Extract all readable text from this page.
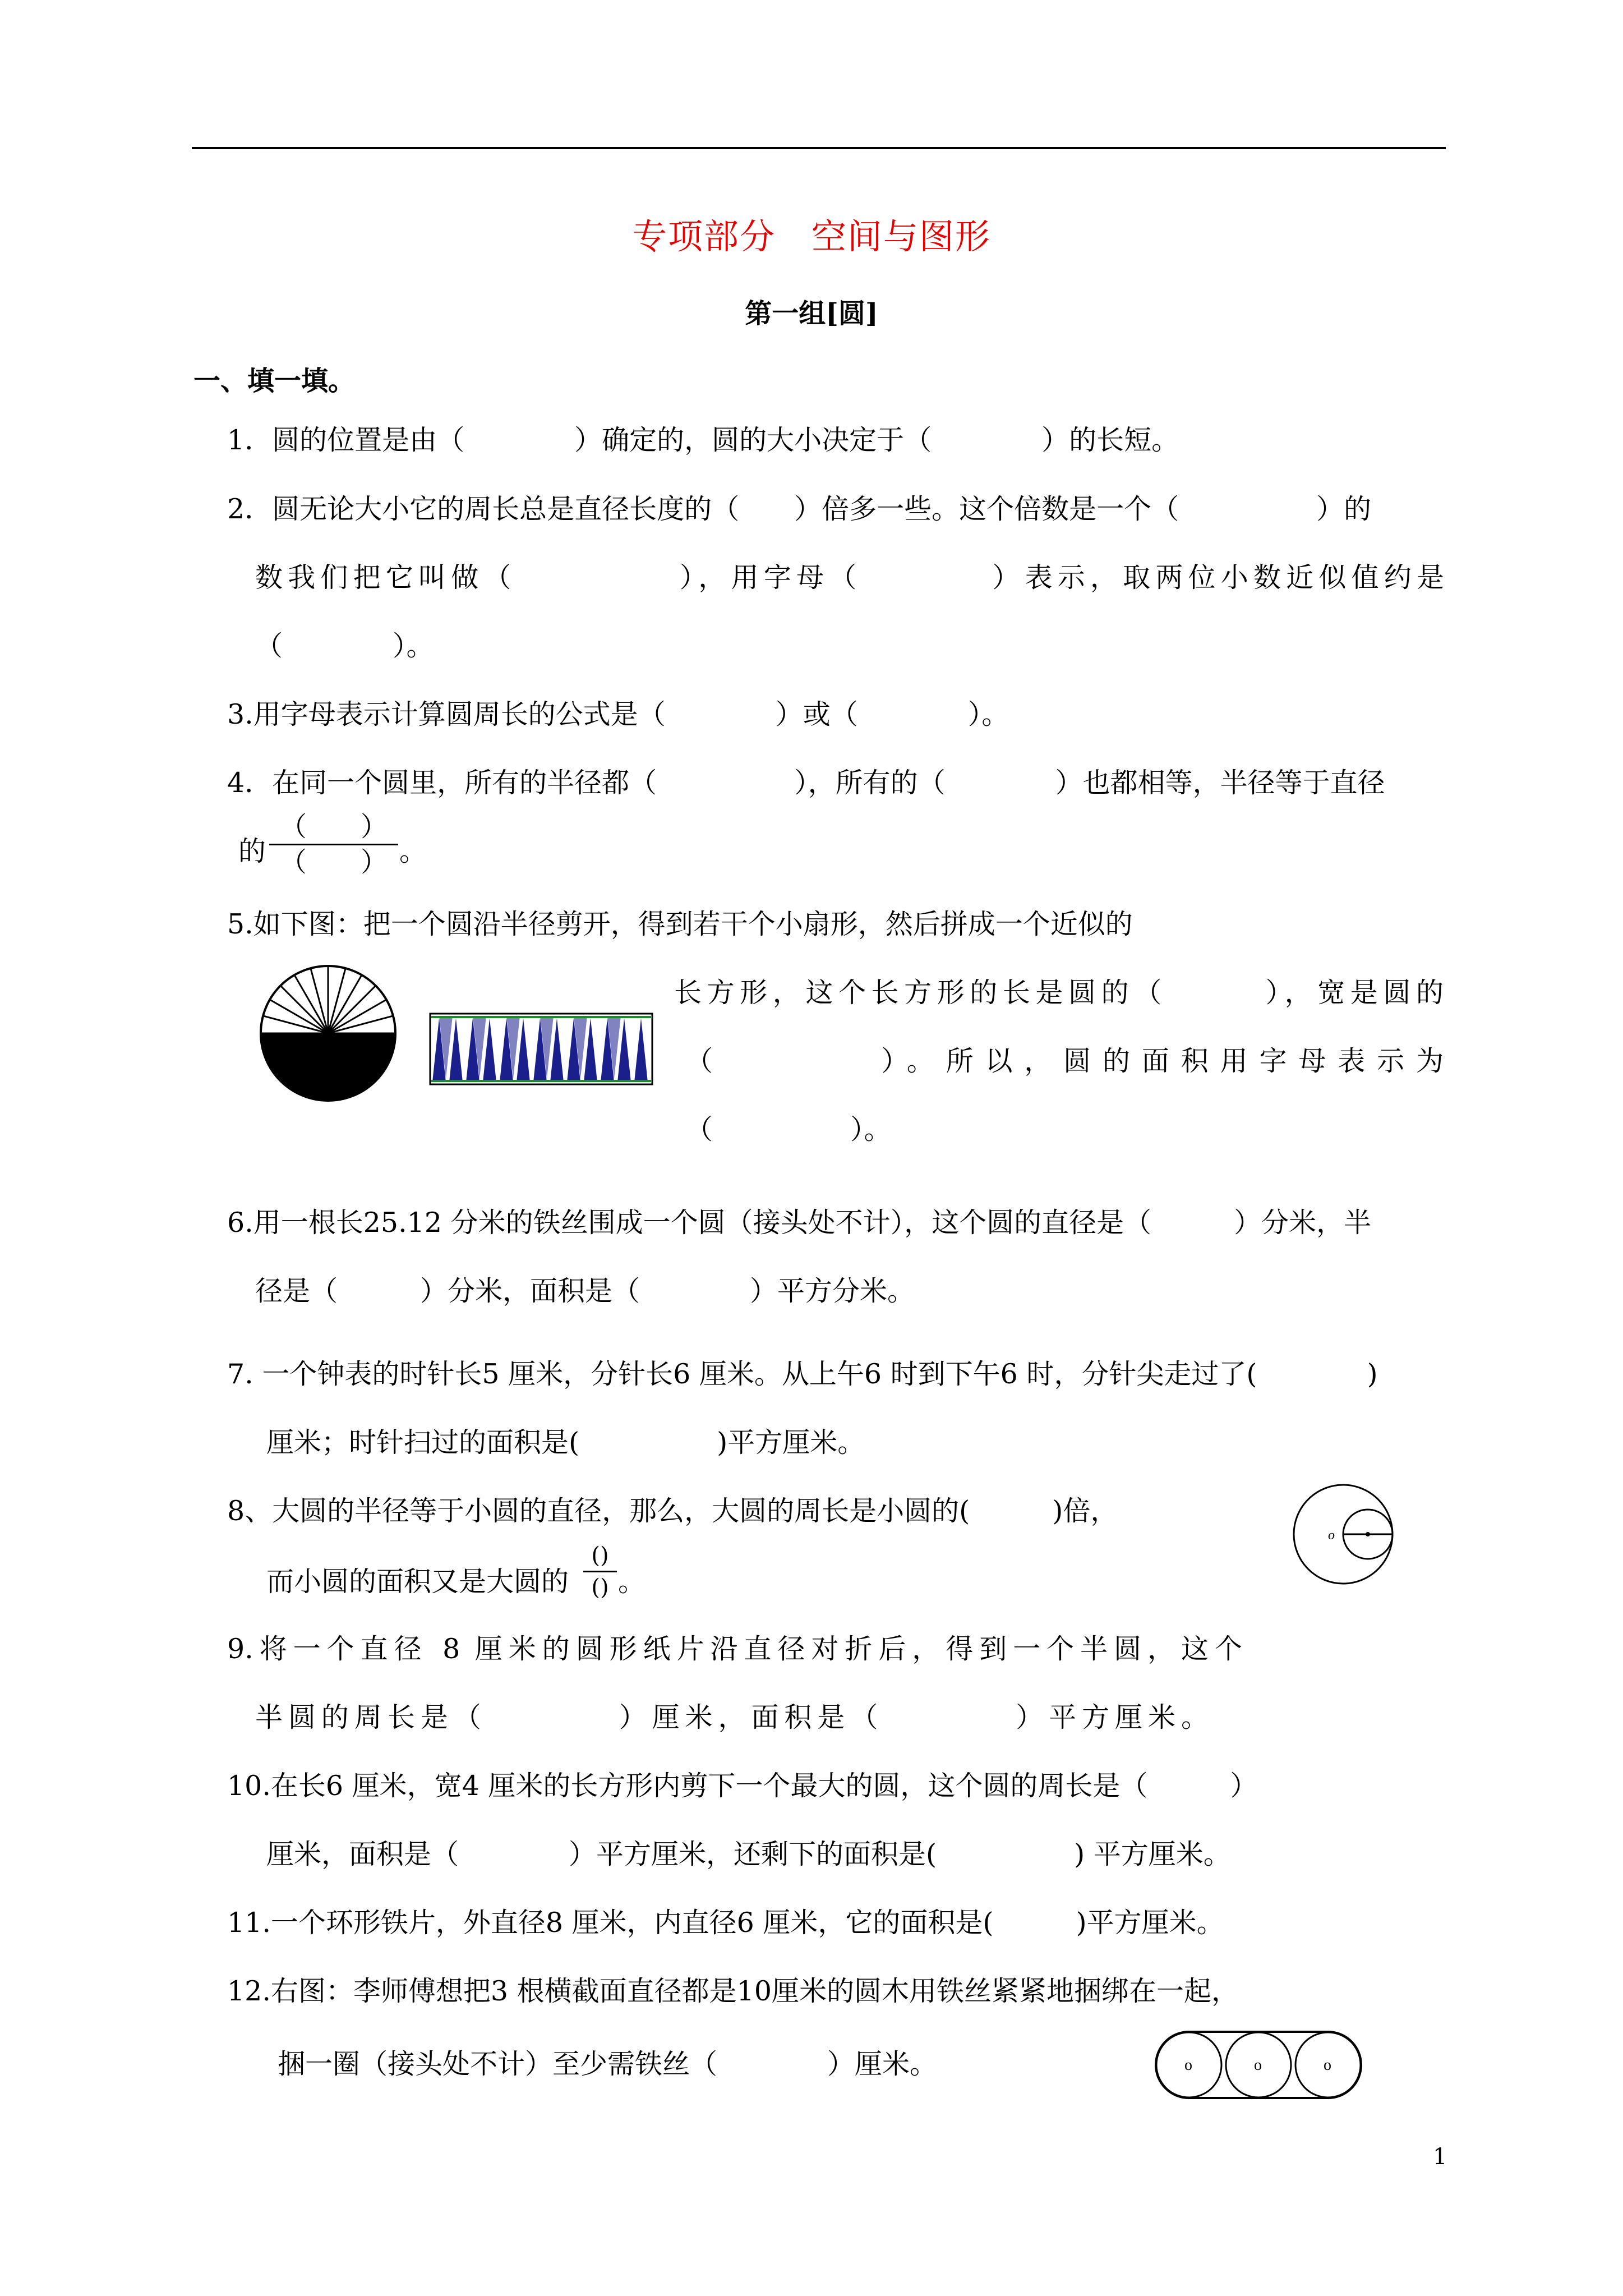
专项部分　空间与图形
第一组[圆]
一、填一填。
1．圆的位置是由（　　　　）确定的，圆的大小决定于（　　　　）的长短。
2．圆无论大小它的周长总是直径长度的（　　）倍多一些。这个倍数是一个（　　　　　）的
数我们把它叫做（　　　　　），用字母（　　　　）表示，取两位小数近似值约是
（　　　　）。
3.用字母表示计算圆周长的公式是（　　　　）或（　　　　）。
4．在同一个圆里，所有的半径都（　　　　　），所有的（　　　　）也都相等，半径等于直径
的
（　　）
（　　） 。
5.如下图：把一个圆沿半径剪开，得到若干个小扇形，然后拼成一个近似的
长方形，这个长方形的长是圆的（　　　），宽是圆的
（　　　　）。所以，圆的面积用字母表示为
（　　　　　）。
6.用一根长25.12 分米的铁丝围成一个圆（接头处不计），这个圆的直径是（　　　）分米，半
径是（　　　）分米，面积是（　　　　）平方分米。
7. 一个钟表的时针长5 厘米，分针长6 厘米。从上午6 时到下午6 时，分针尖走过了(　　　　)
厘米；时针扫过的面积是(　　　　　)平方厘米。
8、大圆的半径等于小圆的直径，那么，大圆的周长是小圆的(　　　)倍，
而小圆的面积又是大圆的
()
() 。
o
9.将一个直径 8 厘米的圆形纸片沿直径对折后，得到一个半圆，这个
半圆的周长是（　　　　）厘米，面积是（　　　　）平方厘米。
10.在长6 厘米，宽4 厘米的长方形内剪下一个最大的圆，这个圆的周长是（　　　）
厘米，面积是（　　　　）平方厘米，还剩下的面积是(　　　　　) 平方厘米。
11.一个环形铁片，外直径8 厘米，内直径6 厘米，它的面积是(　　　)平方厘米。
12.右图：李师傅想把3 根横截面直径都是10厘米的圆木用铁丝紧紧地捆绑在一起，
捆一圈（接头处不计）至少需铁丝（　　　　）厘米。	o	o	o
1
